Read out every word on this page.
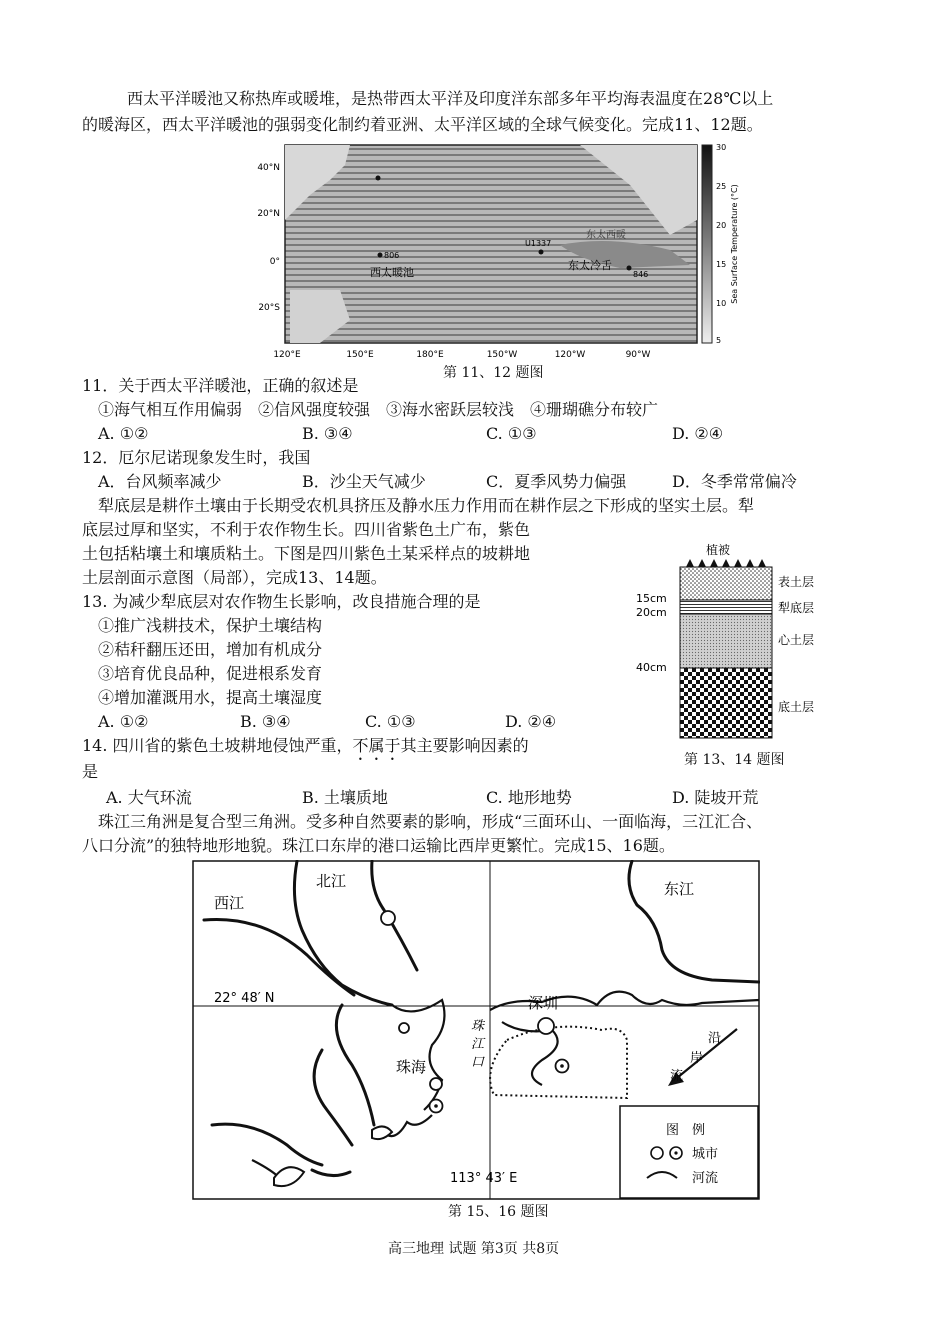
西太平洋暖池又称热库或暖堆，是热带西太平洋及印度洋东部多年平均海表温度在28℃以上
的暖海区，西太平洋暖池的强弱变化制约着亚洲、太平洋区域的全球气候变化。完成11、12题。
40°N
20°N
0°
20°S
120°E	150°E	180°E	150°W	120°W	90°W
806
U1337
846
西太暖池
东太冷舌
东太西暖
30
25
20
15
10
5
Sea Surface Temperature (°C)
第 11、12 题图
11．关于西太平洋暖池，正确的叙述是
①海气相互作用偏弱　②信风强度较强　③海水密跃层较浅　④珊瑚礁分布较广
A. ①②	B. ③④	C. ①③	D. ②④
12．厄尔尼诺现象发生时，我国
A．台风频率减少	B．沙尘天气减少	C．夏季风势力偏强	D．冬季常常偏冷
犁底层是耕作土壤由于长期受农机具挤压及静水压力作用而在耕作层之下形成的坚实土层。犁
底层过厚和坚实，不利于农作物生长。四川省紫色土广布，紫色
土包括粘壤土和壤质粘土。下图是四川紫色土某采样点的坡耕地
土层剖面示意图（局部），完成13、14题。
13. 为减少犁底层对农作物生长影响，改良措施合理的是
①推广浅耕技术，保护土壤结构
②秸秆翻压还田，增加有机成分
③培育优良品种，促进根系发育
④增加灌溉用水，提高土壤湿度
A. ①②	B. ③④	C. ①③	D. ②④
植被
15cm
20cm
40cm
表土层
犁底层
心土层
底土层
第 13、14 题图
14. 四川省的紫色土坡耕地侵蚀严重，不属于其主要影响因素的
是
A. 大气环流	B. 土壤质地	C. 地形地势	D. 陡坡开荒
珠江三角洲是复合型三角洲。受多种自然要素的影响，形成“三面环山、一面临海，三江汇合、
八口分流”的独特地形地貌。珠江口东岸的港口运输比西岸更繁忙。完成15、16题。
西江
北江	东江
22° 48′ N
113° 43′ E
深圳
珠海
珠
江
口
沿
岸
流
图　例
城市
河流
第 15、16 题图
高三地理 试题 第3页 共8页
